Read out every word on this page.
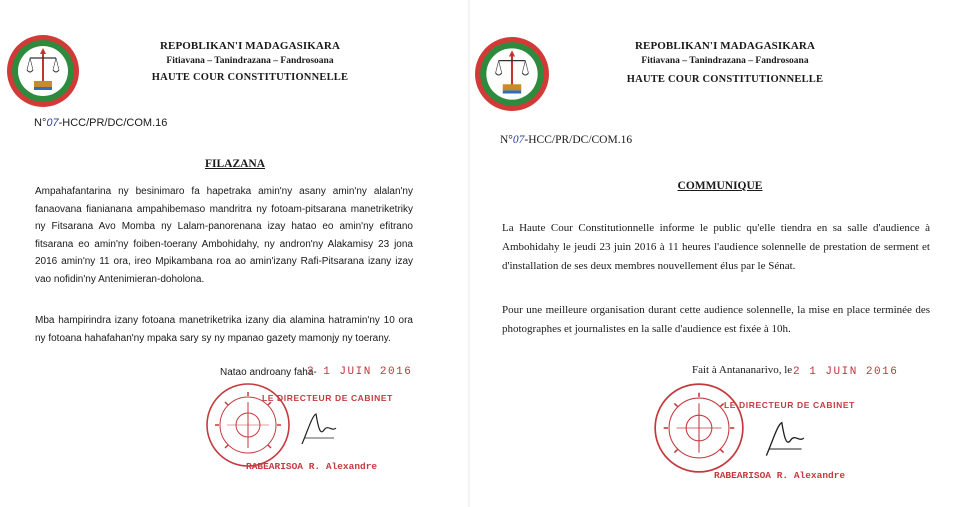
REPOBLIKAN'I MADAGASIKARA
Fitiavana – Tanindrazana – Fandrosoana
HAUTE COUR CONSTITUTIONNELLE
N°07-HCC/PR/DC/COM.16
FILAZANA

Ampahafantarina ny besinimaro fa hapetraka amin'ny asany amin'ny alalan'ny fanaovana fianianana ampahibemaso mandritra ny fotoam-pitsarana manetriketriky ny Fitsarana Avo Momba ny Lalam-panorenana izay hatao eo amin'ny efitrano fitsarana eo amin'ny foiben-toerany Ambohidahy, ny andron'ny Alakamisy 23 jona 2016 amin'ny 11 ora, ireo Mpikambana roa ao amin'izany Rafi-Pitsarana izany izay vao nofidin'ny Antenimieran-doholona.

Mba hampirindra izany fotoana manetriketrika izany dia alamina hatramin'ny 10 ora ny fotoana hahafahan'ny mpaka sary sy ny mpanao gazety mamonjy ny toerany.

Natao androany faha-
2 1 JUIN 2016
LE DIRECTEUR DE CABINET
RABEARISOA R. Alexandre
REPOBLIKAN'I MADAGASIKARA
Fitiavana – Tanindrazana – Fandrosoana
HAUTE COUR CONSTITUTIONNELLE
N°07-HCC/PR/DC/COM.16
COMMUNIQUE

La Haute Cour Constitutionnelle informe le public qu'elle tiendra en sa salle d'audience à Ambohidahy le jeudi 23 juin 2016 à 11 heures l'audience solennelle de prestation de serment et d'installation de ses deux membres nouvellement élus par le Sénat.

Pour une meilleure organisation durant cette audience solennelle, la mise en place terminée des photographes et journalistes en la salle d'audience est fixée à 10h.

Fait à Antananarivo, le 2 1 JUIN 2016
LE DIRECTEUR DE CABINET
RABEARISOA R. Alexandre
